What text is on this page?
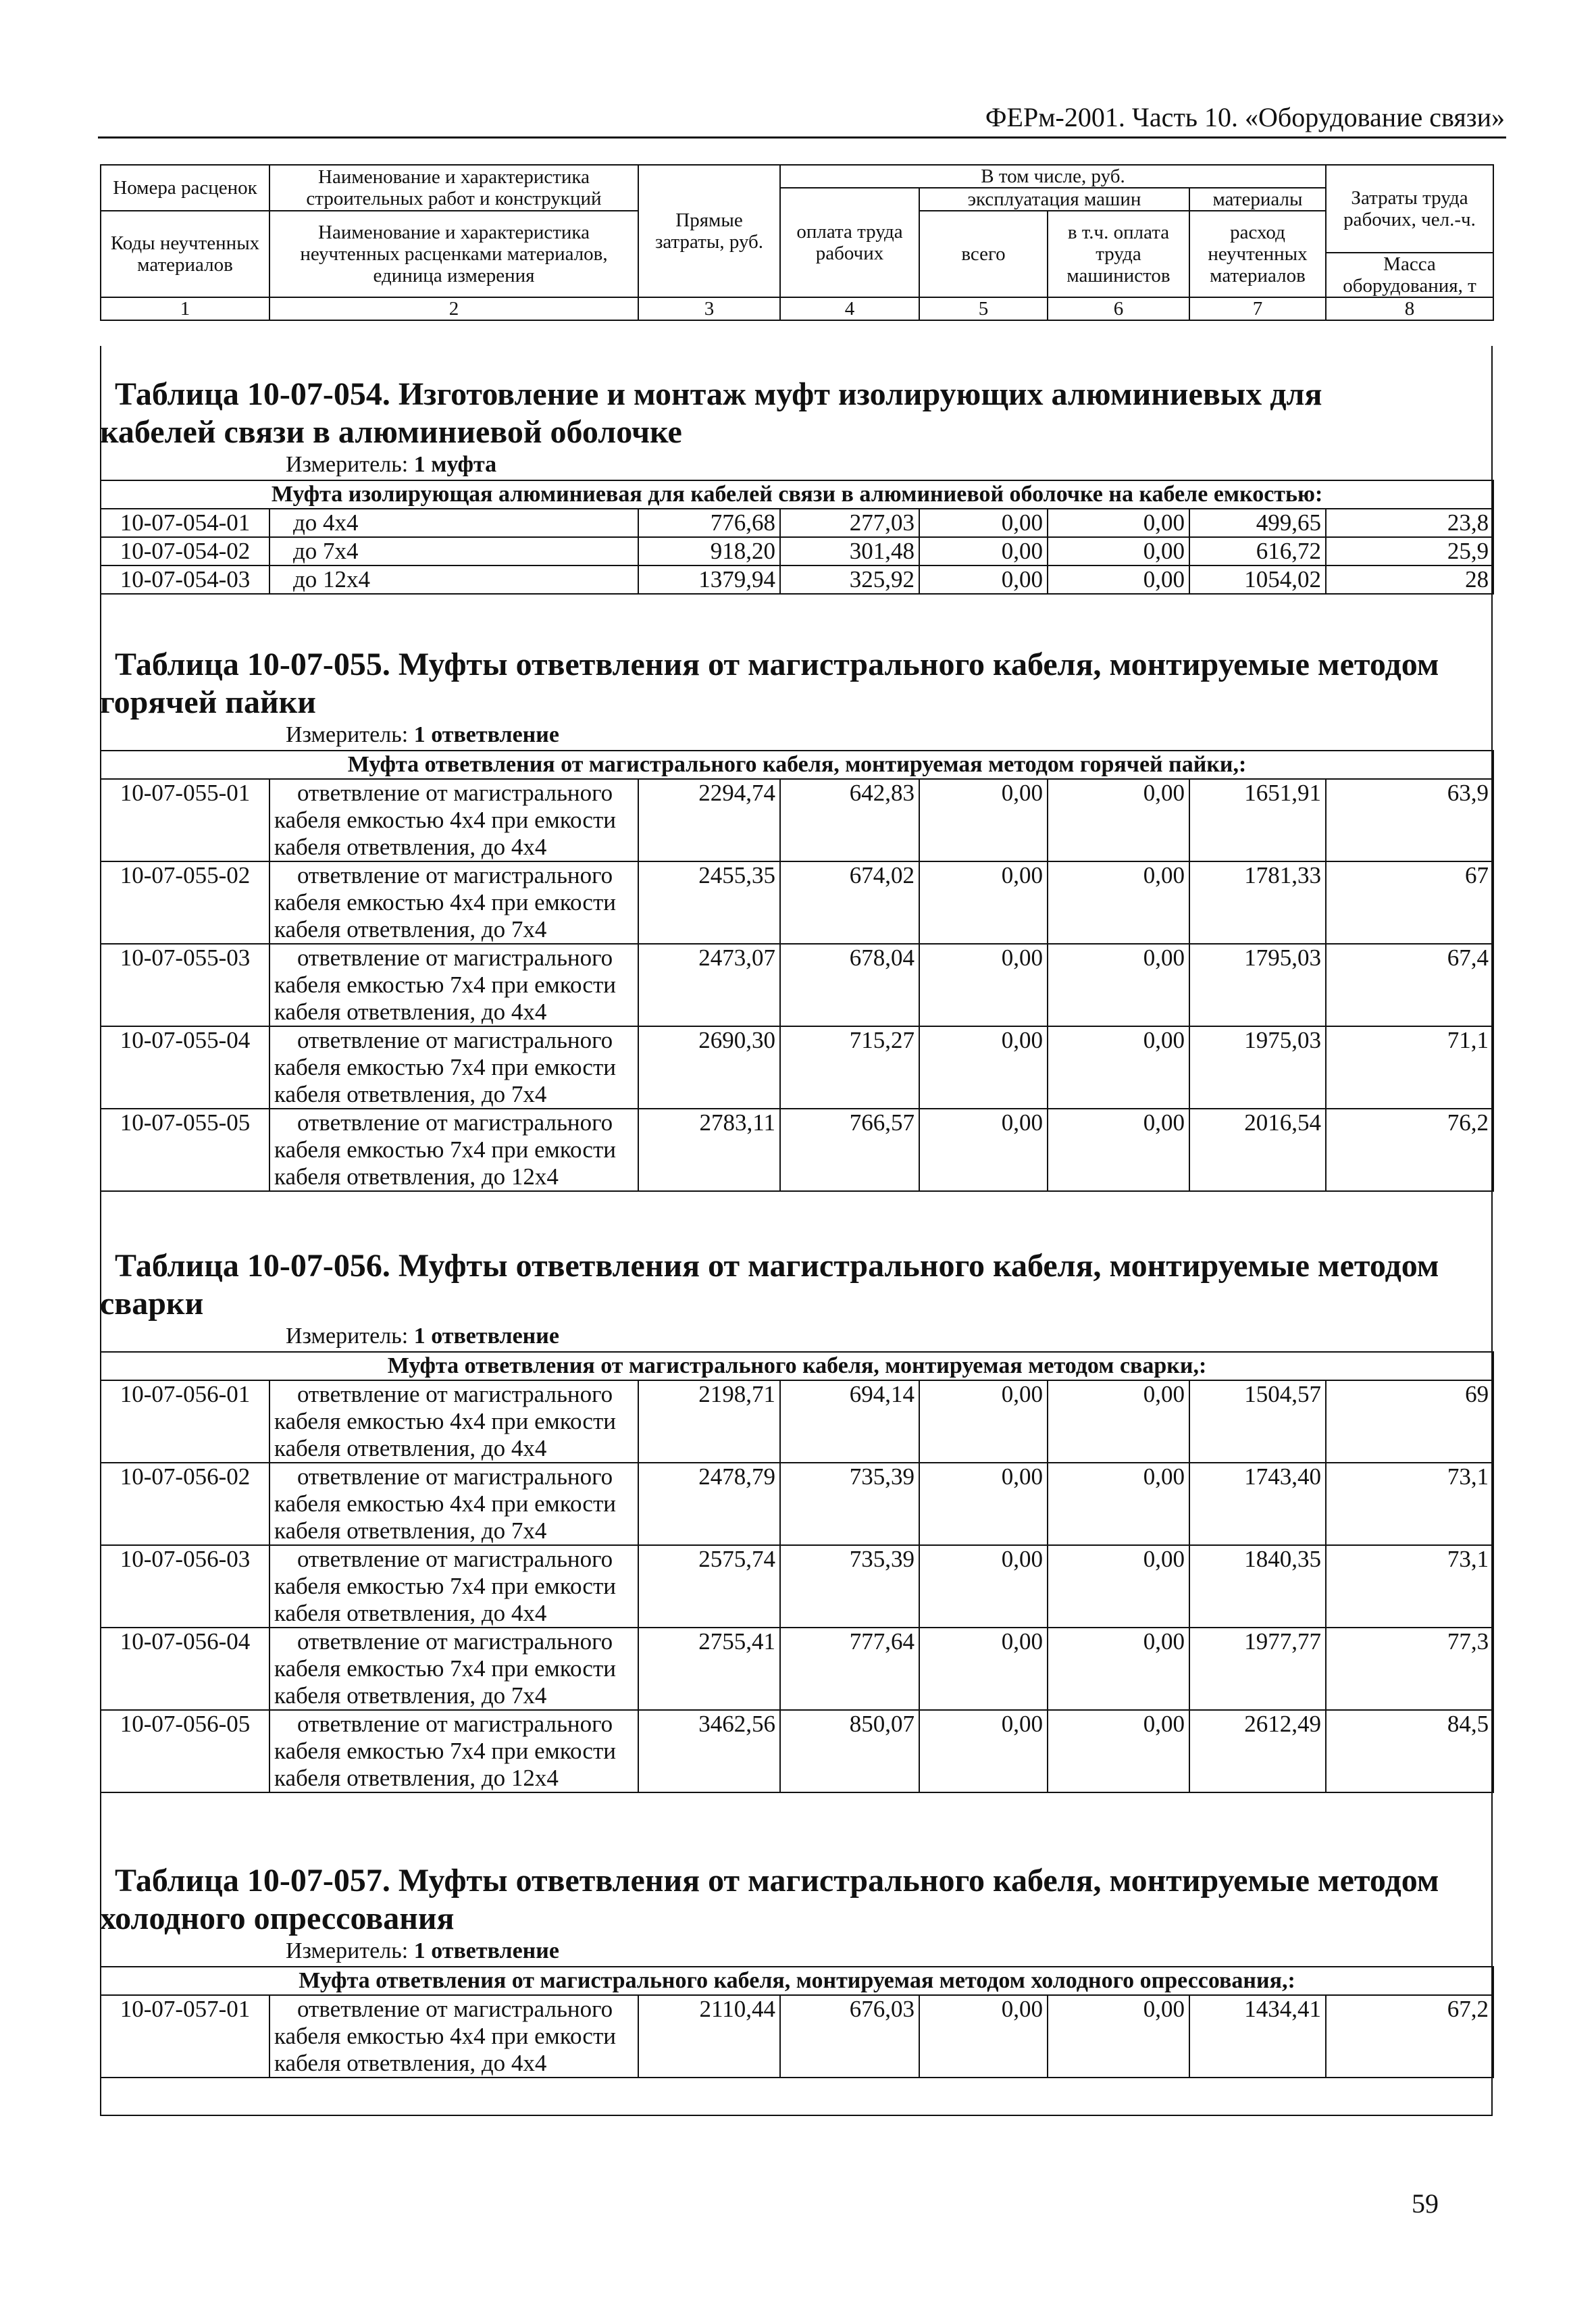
ФЕРм-2001. Часть 10. «Оборудование связи»
Номера расценок	Наименование и характеристика строительных работ и конструкций	Прямые затраты, руб.	В том числе, руб.				Затраты труда рабочих, чел.-ч.
			оплата труда рабочих	эксплуатация машин		материалы	
Коды неучтенных материалов	Наименование и характеристика неучтенных расценками материалов, единица измерения			всего	в т.ч. оплата труда машинистов	расход неучтенных материалов	
							Масса оборудования, т
1	2	3	4	5	6	7	8

Таблица 10-07-054. Изготовление и монтаж муфт изолирующих алюминиевых для

кабелей связи в алюминиевой оболочке

Измеритель: 1 муфта
Муфта изолирующая алюминиевая для кабелей связи в алюминиевой оболочке на кабеле емкостью:							
10-07-054-01	до 4х4	776,68	277,03	0,00	0,00	499,65	23,8
10-07-054-02	до 7х4	918,20	301,48	0,00	0,00	616,72	25,9
10-07-054-03	до 12х4	1379,94	325,92	0,00	0,00	1054,02	28

Таблица 10-07-055. Муфты ответвления от магистрального кабеля, монтируемые методом

горячей пайки

Измеритель: 1 ответвление
Муфта ответвления от магистрального кабеля, монтируемая методом горячей пайки,:							
10-07-055-01	ответвление от магистрального
кабеля емкостью 4х4 при емкости
кабеля ответвления, до 4х4	2294,74	642,83	0,00	0,00	1651,91	63,9
10-07-055-02	ответвление от магистрального
кабеля емкостью 4х4 при емкости
кабеля ответвления, до 7х4	2455,35	674,02	0,00	0,00	1781,33	67
10-07-055-03	ответвление от магистрального
кабеля емкостью 7х4 при емкости
кабеля ответвления, до 4х4	2473,07	678,04	0,00	0,00	1795,03	67,4
10-07-055-04	ответвление от магистрального
кабеля емкостью 7х4 при емкости
кабеля ответвления, до 7х4	2690,30	715,27	0,00	0,00	1975,03	71,1
10-07-055-05	ответвление от магистрального
кабеля емкостью 7х4 при емкости
кабеля ответвления, до 12х4	2783,11	766,57	0,00	0,00	2016,54	76,2

Таблица 10-07-056. Муфты ответвления от магистрального кабеля, монтируемые методом

сварки

Измеритель: 1 ответвление
Муфта ответвления от магистрального кабеля, монтируемая методом сварки,:							
10-07-056-01	ответвление от магистрального
кабеля емкостью 4х4 при емкости
кабеля ответвления, до 4х4	2198,71	694,14	0,00	0,00	1504,57	69
10-07-056-02	ответвление от магистрального
кабеля емкостью 4х4 при емкости
кабеля ответвления, до 7х4	2478,79	735,39	0,00	0,00	1743,40	73,1
10-07-056-03	ответвление от магистрального
кабеля емкостью 7х4 при емкости
кабеля ответвления, до 4х4	2575,74	735,39	0,00	0,00	1840,35	73,1
10-07-056-04	ответвление от магистрального
кабеля емкостью 7х4 при емкости
кабеля ответвления, до 7х4	2755,41	777,64	0,00	0,00	1977,77	77,3
10-07-056-05	ответвление от магистрального
кабеля емкостью 7х4 при емкости
кабеля ответвления, до 12х4	3462,56	850,07	0,00	0,00	2612,49	84,5

Таблица 10-07-057. Муфты ответвления от магистрального кабеля, монтируемые методом

холодного опрессования

Измеритель: 1 ответвление
Муфта ответвления от магистрального кабеля, монтируемая методом холодного опрессования,:
10-07-057-01	ответвление от магистрального
кабеля емкостью 4х4 при емкости
кабеля ответвления, до 4х4
	2110,44	676,03	0,00	0,00	1434,41	67,2
59
